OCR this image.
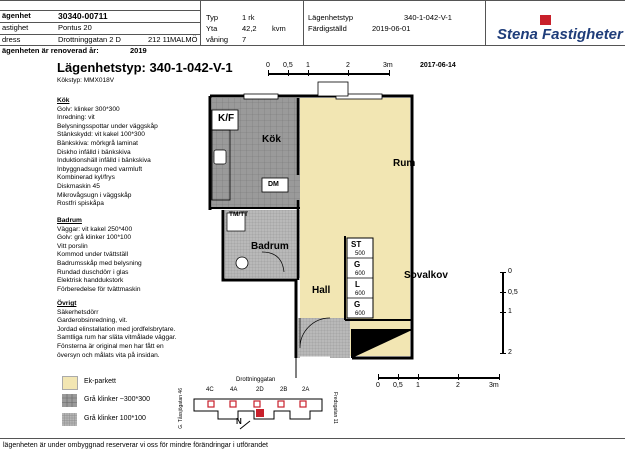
ägenhet	30340-00711
astighet	Pontus 20
dress	Drottninggatan 2 D	212 11 MALMÖ
ägenheten är renoverad år:	2019
Typ	1 rk
Yta	42,2 kvm
våning 7
Lägenhetstyp	340-1-042-V-1
Färdigställd	2019-06-01	Stena Fastigheter
Lägenhetstyp: 340-1-042-V-1
Kökstyp: MMX018V
2017-06-14
0 0,5 1	2	3m
Kök
Golv: klinker 300*300
Inredning: vit
Belysningsspottar under väggskåp
Stänkskydd: vit kakel 100*300
Bänkskiva: mörkgrå laminat
Diskho infälld i bänkskiva
Induktionshäll infälld i bänkskiva
Inbyggnadsugn med varmluft
Kombinerad kyl/frys
Diskmaskin 45
Mikrovågsugn i väggskåp
Rostfri spiskåpa
Badrum
Väggar: vit kakel 250*400
Golv: grå klinker 100*100
Vitt porslin
Kommod under tvättställ
Badrumsskåp med belysning
Rundad duschdörr i glas
Elektrisk handdukstork
Förberedelse för tvättmaskin
Övrigt
Säkerhetsdörr
Garderobsinredning, vit.
Jordad elinstallation med jordfelsbrytare.
Samtliga rum har släta vitmålade väggar.
Fönsterna är original men har fått en
översyn och målats vita på insidan.
K/F
Kök
DM
TM/TT
Badrum
Rum
Hall
Sovalkov
Klk
ST
500
G
600
L
600
G
600
0
0,5
1
2
0 0,5 1	2	3m
Ek-parkett
Grå klinker ~300*300
Grå klinker 100*100
Drottninggatan
4C	4A	2D	2B 2A
G. Tåssjögatan 46	Fredsgatan 11
N
lägenheten är under ombyggnad reserverar vi oss för mindre förändringar i utförandet
